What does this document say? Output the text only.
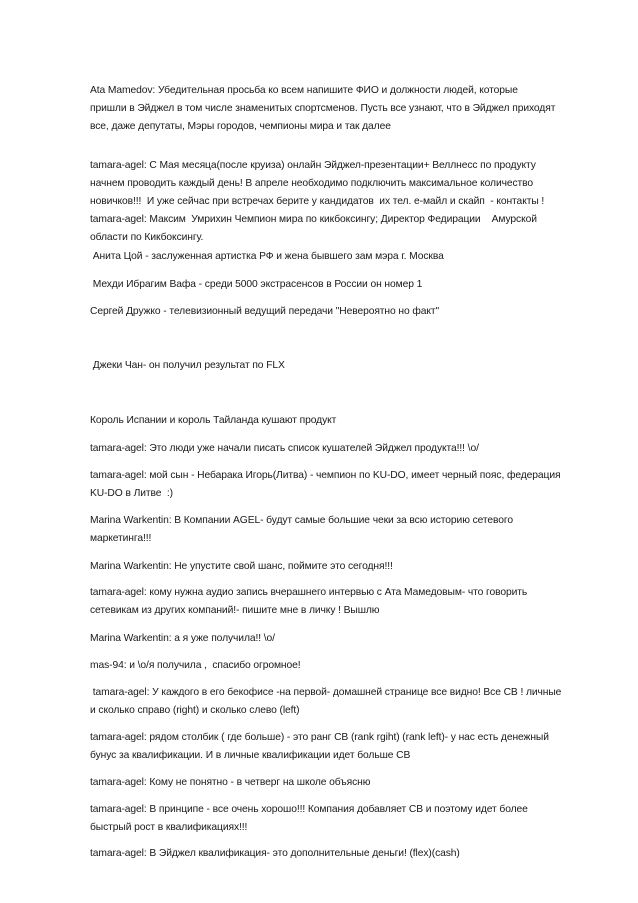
Ata Mamedov: Убедительная просьба ко всем напишите ФИО и должности людей, которые
пришли в Эйджел в том числе знаменитых спортсменов. Пусть все узнают, что в Эйджел приходят
все, даже депутаты, Мэры городов, чемпионы мира и так далее

tamara-agel: С Мая месяца(после круиза) онлайн Эйджел-презентации+ Веллнесс по продукту
начнем проводить каждый день! В апреле необходимо подключить максимальное количество
новичков!!!  И уже сейчас при встречах берите у кандидатов  их тел. е-майл и скайп  - контакты !
tamara-agel: Максим  Умрихин Чемпион мира по кикбоксингу; Директор Федирации    Амурской
области по Кикбоксингу.

Анита Цой - заслуженная артистка РФ и жена бывшего зам мэра г. Москва

Мехди Ибрагим Вафа - среди 5000 экстрасенсов в России он номер 1

Сергей Дружко - телевизионный ведущий передачи "Невероятно но факт"

Джеки Чан- он получил результат по FLX

Король Испании и король Тайланда кушают продукт

tamara-agel: Это люди уже начали писать список кушателей Эйджел продукта!!! \o/

tamara-agel: мой сын - Небарака Игорь(Литва) - чемпион по KU-DO, имеет черный пояс, федерация
KU-DO в Литве  :)

Marina Warkentin: В Компании AGEL- будут самые большие чеки за всю историю сетевого
маркетинга!!!

Marina Warkentin: Не упустите свой шанс, поймите это сегодня!!!

tamara-agel: кому нужна аудио запись вчерашнего интервью с Ата Мамедовым- что говорить
сетевикам из других компаний!- пишите мне в личку ! Вышлю

Marina Warkentin: а я уже получила!! \o/

mas-94: и \o/я получила ,  спасибо огромное!

tamara-agel: У каждого в его бекофисе -на первой- домашней странице все видно! Все CB ! личные
и сколько справо (right) и сколько слево (left)

tamara-agel: рядом столбик ( где больше) - это ранг CB (rank rgiht) (rank left)- у нас есть денежный
бунус за квалификации. И в личные квалификации идет больше CB

tamara-agel: Кому не понятно - в четверг на школе объясню

tamara-agel: В принципе - все очень хорошо!!! Компания добавляет CB и поэтому идет более
быстрый рост в квалификациях!!!

tamara-agel: В Эйджел квалификация- это дополнительные деньги! (flex)(cash)
